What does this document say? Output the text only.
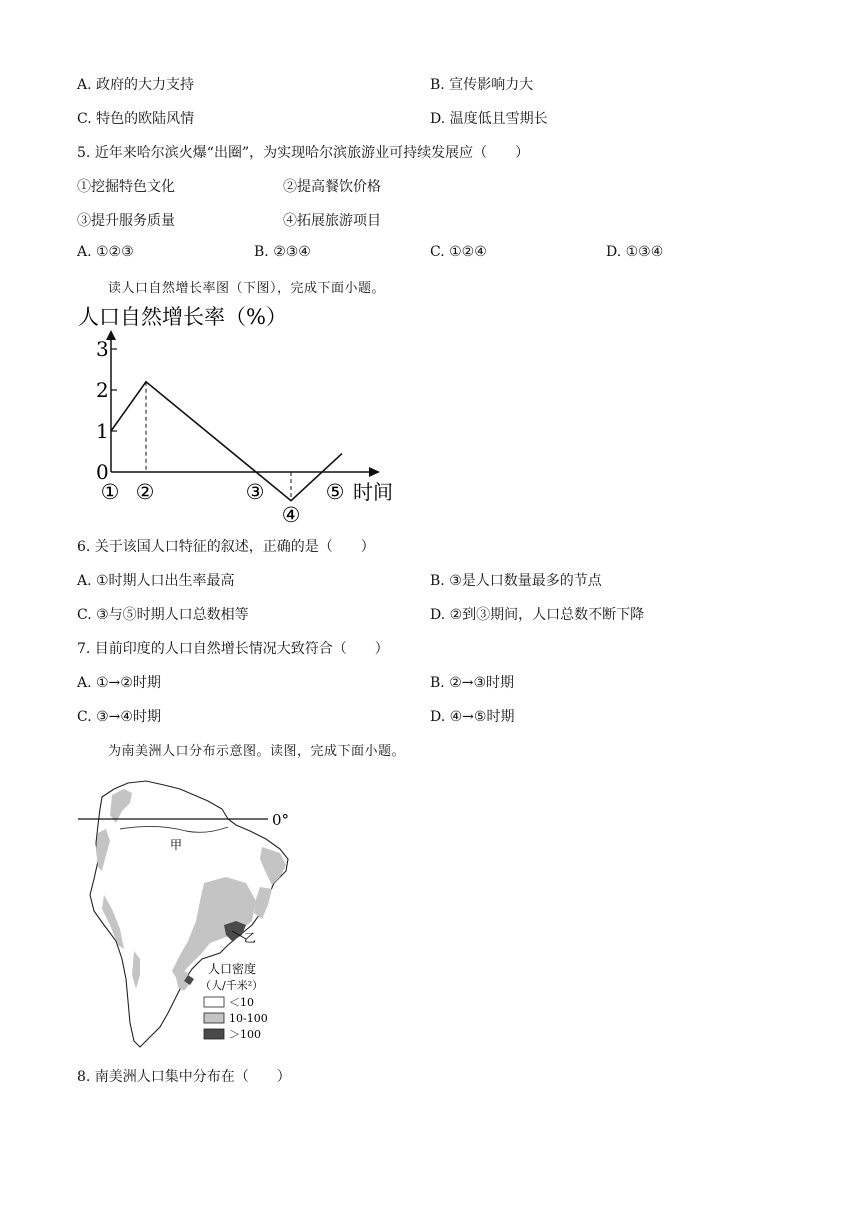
A. 政府的大力支持	B. 宣传影响力大
C. 特色的欧陆风情	D. 温度低且雪期长
5. 近年来哈尔滨火爆“出圈”，为实现哈尔滨旅游业可持续发展应（　　）
①挖掘特色文化	②提高餐饮价格
③提升服务质量	④拓展旅游项目
A. ①②③	B. ②③④	C. ①②④	D. ①③④
读人口自然增长率图（下图），完成下面小题。
人口自然增长率（%）
0
1
2
3
① ②	③
④
⑤ 时间
6. 关于该国人口特征的叙述，正确的是（　　）
A. ①时期人口出生率最高	B. ③是人口数量最多的节点
C. ③与⑤时期人口总数相等	D. ②到③期间，人口总数不断下降
7. 目前印度的人口自然增长情况大致符合（　　）
A. ①→②时期	B. ②→③时期
C. ③→④时期	D. ④→⑤时期
为南美洲人口分布示意图。读图，完成下面小题。
0°
甲
乙
人口密度
（人/千米²）
＜10
10-100
＞100
8. 南美洲人口集中分布在（　　）
